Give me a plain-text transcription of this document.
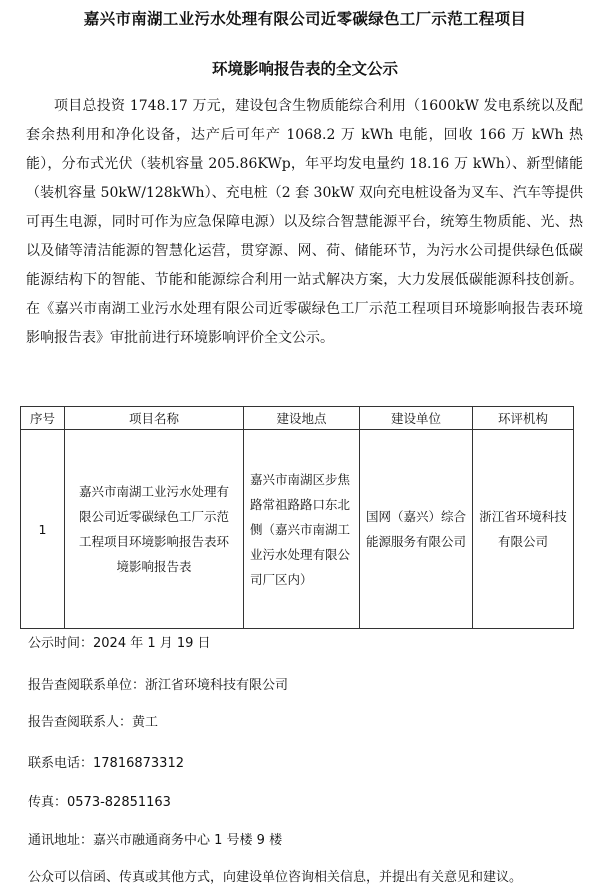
嘉兴市南湖工业污水处理有限公司近零碳绿色工厂示范工程项目
环境影响报告表的全文公示
项目总投资 1748.17 万元，建设包含生物质能综合利用（1600kW 发电系统以及配套余热利用和净化设备，达产后可年产 1068.2 万 kWh 电能，回收 166 万 kWh 热能），分布式光伏（装机容量 205.86KWp，年平均发电量约 18.16 万 kWh）、新型储能（装机容量 50kW/128kWh）、充电桩（2 套 30kW 双向充电桩设备为叉车、汽车等提供可再生电源，同时可作为应急保障电源）以及综合智慧能源平台，统筹生物质能、光、热以及储等清洁能源的智慧化运营，贯穿源、网、荷、储能环节，为污水公司提供绿色低碳能源结构下的智能、节能和能源综合利用一站式解决方案，大力发展低碳能源科技创新。在《嘉兴市南湖工业污水处理有限公司近零碳绿色工厂示范工程项目环境影响报告表环境影响报告表》审批前进行环境影响评价全文公示。
序号	项目名称	建设地点	建设单位	环评机构
1	嘉兴市南湖工业污水处理有限公司近零碳绿色工厂示范工程项目环境影响报告表环境影响报告表	嘉兴市南湖区步焦路常祖路路口东北侧（嘉兴市南湖工业污水处理有限公司厂区内）	国网（嘉兴）综合能源服务有限公司	浙江省环境科技有限公司
公示时间：2024 年 1 月 19 日
报告查阅联系单位：浙江省环境科技有限公司
报告查阅联系人：黄工
联系电话：17816873312
传真：0573-82851163
通讯地址：嘉兴市融通商务中心 1 号楼 9 楼
公众可以信函、传真或其他方式，向建设单位咨询相关信息，并提出有关意见和建议。
